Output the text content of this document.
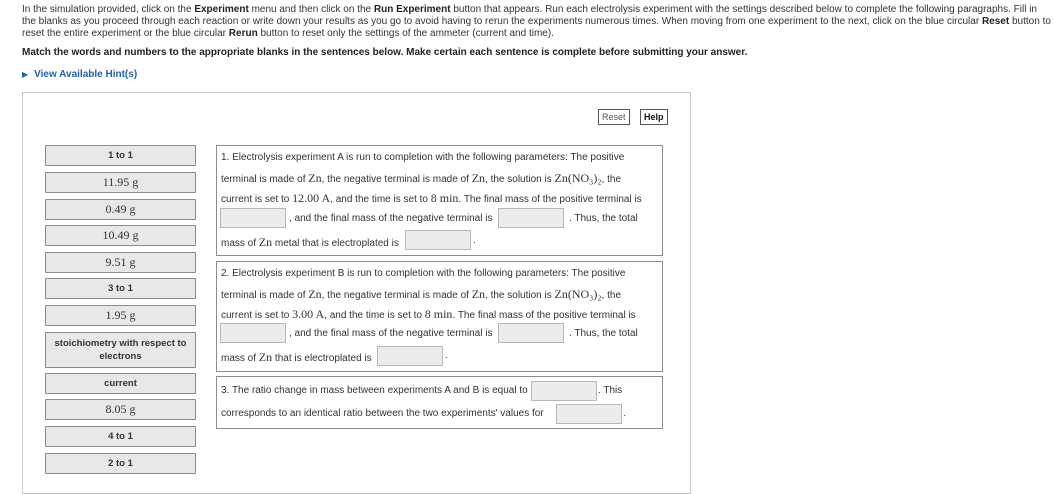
In the simulation provided, click on the Experiment menu and then click on the Run Experiment button that appears. Run each electrolysis experiment with the settings described below to complete the following paragraphs. Fill in the blanks as you proceed through each reaction or write down your results as you go to avoid having to rerun the experiments numerous times. When moving from one experiment to the next, click on the blue circular Reset button to reset the entire experiment or the blue circular Rerun button to reset only the settings of the ammeter (current and time).
Match the words and numbers to the appropriate blanks in the sentences below. Make certain each sentence is complete before submitting your answer.
▶ View Available Hint(s)
Reset	Help
1 to 1
11.95 g
0.49 g
10.49 g
9.51 g
3 to 1
1.95 g
stoichiometry with respect to electrons
current
8.05 g
4 to 1
2 to 1
1. Electrolysis experiment A is run to completion with the following parameters: The positive
terminal is made of Zn, the negative terminal is made of Zn, the solution is Zn(NO₃)₂, the
current is set to 12.00 A, and the time is set to 8 min. The final mass of the positive terminal is
, and the final mass of the negative terminal is	. Thus, the total
mass of Zn metal that is electroplated is	.
2. Electrolysis experiment B is run to completion with the following parameters: The positive
terminal is made of Zn, the negative terminal is made of Zn, the solution is Zn(NO₃)₂, the
current is set to 3.00 A, and the time is set to 8 min. The final mass of the positive terminal is
, and the final mass of the negative terminal is	. Thus, the total
mass of Zn that is electroplated is	.
3. The ratio change in mass between experiments A and B is equal to	. This
corresponds to an identical ratio between the two experiments' values for	.
